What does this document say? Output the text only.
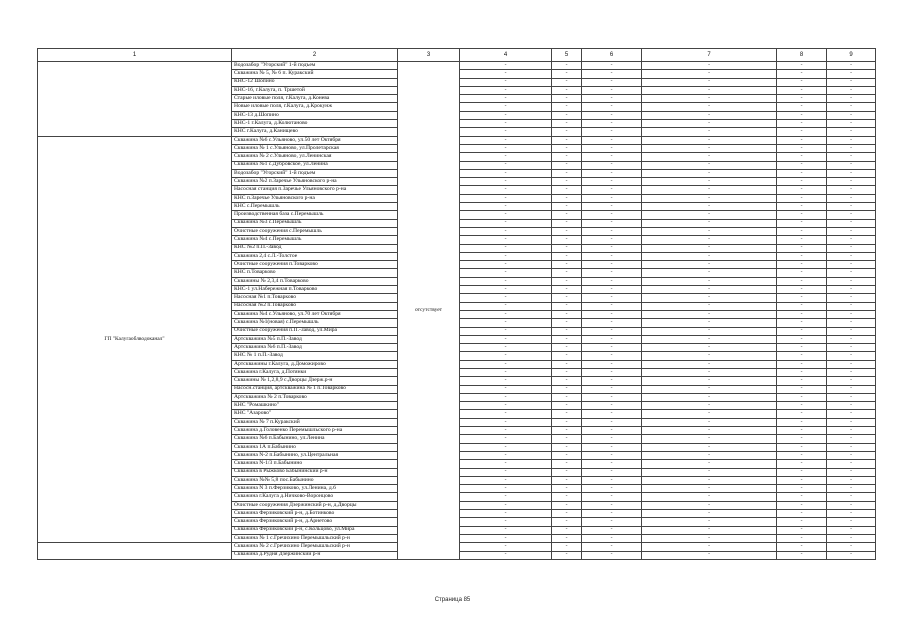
1	2	3	4	5	6	7	8	9
	Водозабор "Угорский" 1-й подъем	отсутствует	-	-	-	-	-	-
	Скважина № 5, № 6 п. Куракский		-	-	-	-	-	-
	КНС-12 Шопино		-	-	-	-	-	-
	КНС-16, г.Калуга, п. Тршетой		-	-	-	-	-	-
	Старые иловые поля, г.Калуга, д.Конева		-	-	-	-	-	-
	Новые иловые поля, г.Калуга, д.Крокунж		-	-	-	-	-	-
	КНС-13 д.Шопино		-	-	-	-	-	-
	КНС-1 г.Калуга, д.Колютаново		-	-	-	-	-	-
	КНС г.Калуга, д.Канищево		-	-	-	-	-	-
ГП "Калугаоблводоканал"	Скважина №6 с.Ульяново, ул.50 лет Октября		-	-	-	-	-	-
	Скважина № 1 с.Ульяново, ул.Пролетарская		-	-	-	-	-	-
	Скважина № 2 с.Ульяново, ул.Ленинская		-	-	-	-	-	-
	Скважина №1 с.Дубровское, ул.Ленина		-	-	-	-	-	-
	Водозабор "Угорский" 1-й подъем		-	-	-	-	-	-
	Скважина №2 п.Заречье Ульяновского р-на		-	-	-	-	-	-
	Насосная станция п.Заречье Ульяновского р-на		-	-	-	-	-	-
	КНС п.Заречье Ульяновского р-на		-	-	-	-	-	-
	КНС с.Перемышль		-	-	-	-	-	-
	Производственная база с.Перемышль		-	-	-	-	-	-
	Скважина №3 с.Перемышль		-	-	-	-	-	-
	Очистные сооружения с.Перемышль		-	-	-	-	-	-
	Скважина №4 с.Перемышль		-	-	-	-	-	-
	КНС №2 п.П.-Завод		-	-	-	-	-	-
	Скважина 2,4 с.Л.-Толстое		-	-	-	-	-	-
	Очистные сооружения п.Товарково		-	-	-	-	-	-
	КНС п.Товарково		-	-	-	-	-	-
	Скважины № 2,3,4 п.Товарково		-	-	-	-	-	-
	КНС-1 ул.Набережная п.Товарково		-	-	-	-	-	-
	Насосная №1 п.Товарково		-	-	-	-	-	-
	Насосная №2 п.Товарково		-	-	-	-	-	-
	Скважина №4 с.Ульяново, ул.70 лет Октября		-	-	-	-	-	-
	Скважина №1(новая) с.Перемышль		-	-	-	-	-	-
	Очистные сооружения п.П.-Завод, ул.Мира		-	-	-	-	-	-
	Артскважина №5 п.П.-Завод		-	-	-	-	-	-
	Артскважина №6 п.П.-Завод		-	-	-	-	-	-
	КНС № 1 п.П.-Завод		-	-	-	-	-	-
	Артскважины г.Калуга, д.Доможирово		-	-	-	-	-	-
	Скважина г.Калуга, д.Потянки		-	-	-	-	-	-
	Скважины № 1,2,8,9 с.Дворцы Дзерж.р-н		-	-	-	-	-	-
	Насосн.станция, артскважина № 1 п.Товарково		-	-	-	-	-	-
	Артскважина № 2 п.Товарково		-	-	-	-	-	-
	КНС "Ромашкино"		-	-	-	-	-	-
	КНС "Азарово"		-	-	-	-	-	-
	Скважина № 7 п.Куракский		-	-	-	-	-	-
	Скважина д.Головенко Перемышльского р-на		-	-	-	-	-	-
	Скважина №6 п.Бабынино, ул.Ленина		-	-	-	-	-	-
	Скважина 1А п.Бабынино		-	-	-	-	-	-
	Скважина N-2 п.Бабынино, ул.Центральная		-	-	-	-	-	-
	Скважина N-1/3 п.Бабынино		-	-	-	-	-	-
	Скважина в Рыжково Бабынинский р-н		-	-	-	-	-	-
	Скважина №№ 5,8 пос.Бабынино		-	-	-	-	-	-
	Скважина N 3 п.Ферзиково, ул.Ленина, д.6		-	-	-	-	-	-
	Скважина г.Калуга д.Ничково-Воронцово		-	-	-	-	-	-
	Очистные сооружения Дзержинский р-н, д.Дворцы		-	-	-	-	-	-
	Скважина Ферзиковский р-н, д.Ботинково		-	-	-	-	-	-
	Скважина Ферзиковский р-н, д.Арнетово		-	-	-	-	-	-
	Скважина Ферзиковский р-н, с.Кольцово, ул.Мира		-	-	-	-	-	-
	Скважина № 1 с.Гречихино Перемышльский р-н		-	-	-	-	-	-
	Скважина № 2 с.Гречихино Перемышльский р-н		-	-	-	-	-	-
	Скважина д.Рудня Дзержинский р-н		-	-	-	-	-	-
Страница 85
